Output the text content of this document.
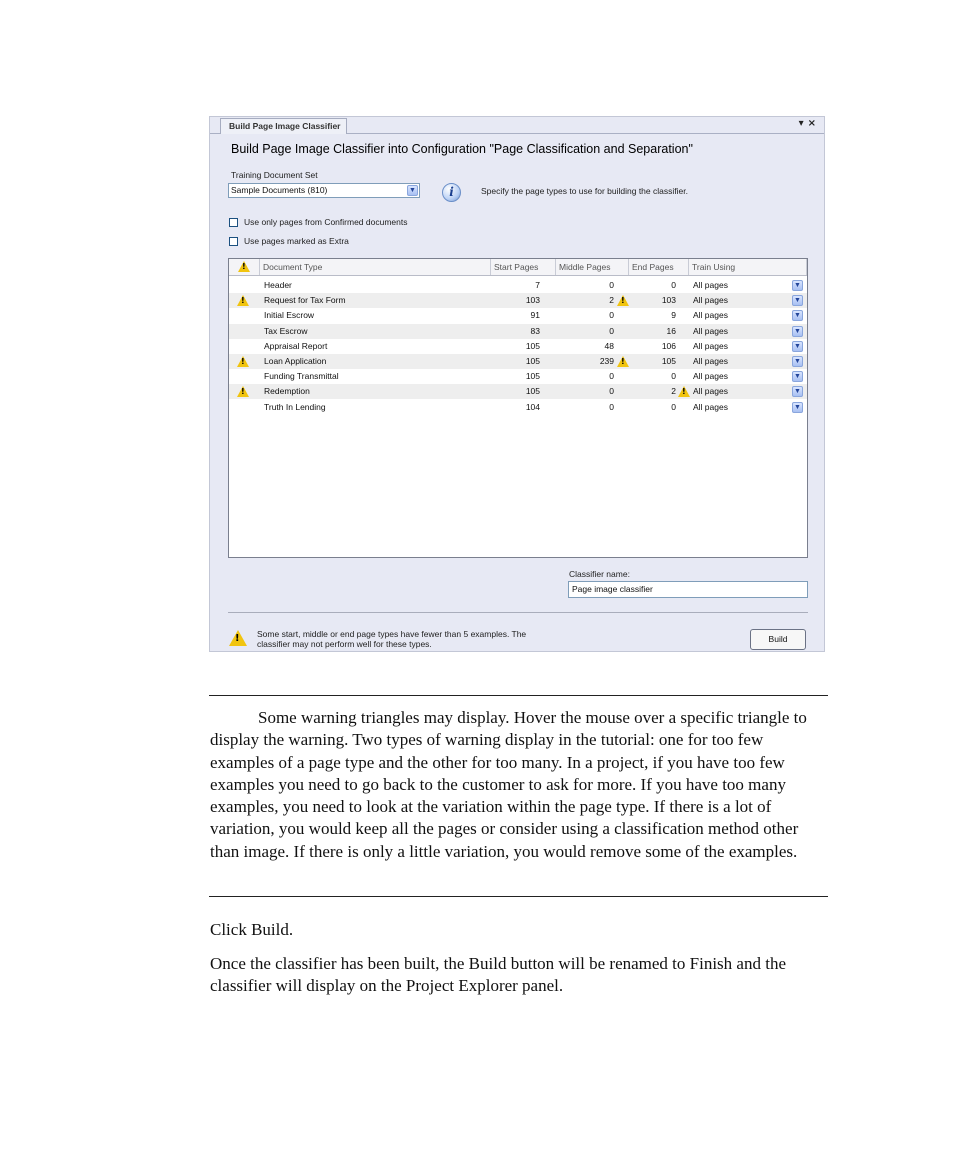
Build Page Image Classifier	▾×
Build Page Image Classifier into Configuration "Page Classification and Separation"
Training Document Set
Sample Documents (810)	▼	i	Specify the page types to use for building the classifier.
Use only pages from Confirmed documents
Use pages marked as Extra
!
Document Type	Start Pages	Middle Pages	End Pages	Train Using
Header	7	0	0 All pages	▼
!
Request for Tax Form	103	2 !	103 All pages	▼
Initial Escrow	91	0	9 All pages	▼
Tax Escrow	83	0	16 All pages	▼
Appraisal Report	105	48	106 All pages	▼
!
Loan Application	105	239 !	105 All pages	▼
Funding Transmittal	105	0	0 All pages	▼
!
Redemption	105	0	2 ! All pages	▼
Truth In Lending	104	0	0 All pages	▼
Classifier name:
Page image classifier
!
Some start, middle or end page types have fewer than 5 examples. The classifier may not perform well for these types.	Build
Some warning triangles may display. Hover the mouse over a specific triangle to display the warning. Two types of warning display in the tutorial: one for too few examples of a page type and the other for too many. In a project, if you have too few examples you need to go back to the customer to ask for more. If you have too many examples, you need to look at the variation within the page type. If there is a lot of variation, you would keep all the pages or consider using a classification method other than image. If there is only a little variation, you would remove some of the examples.
Click Build.
Once the classifier has been built, the Build button will be renamed to Finish and the classifier will display on the Project Explorer panel.
